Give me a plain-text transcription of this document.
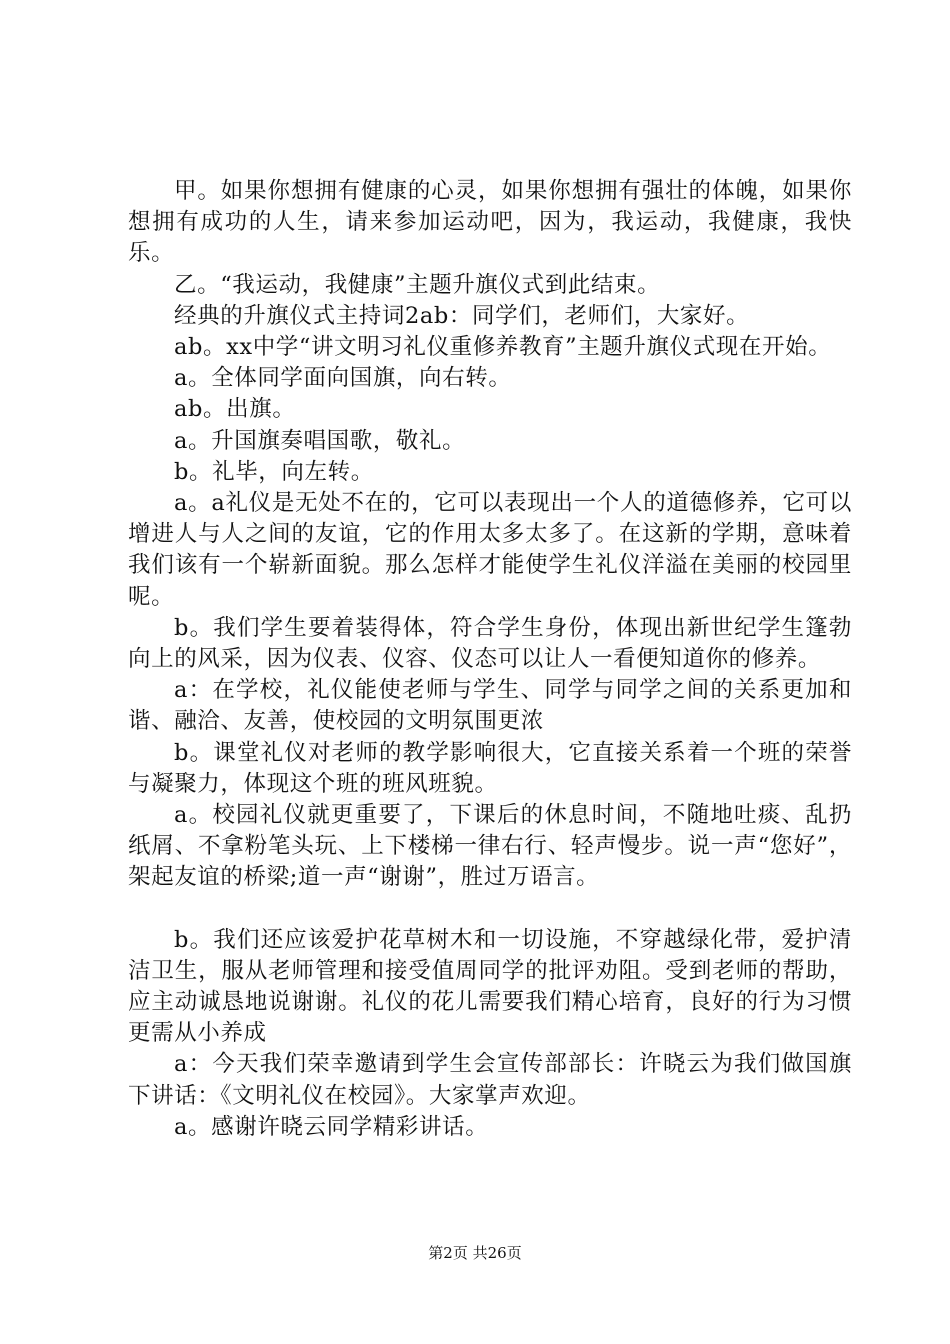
甲。如果你想拥有健康的心灵，如果你想拥有强壮的体魄，如果你想拥有成功的人生，请来参加运动吧，因为，我运动，我健康，我快乐。

乙。“我运动，我健康”主题升旗仪式到此结束。

经典的升旗仪式主持词2ab：同学们，老师们，大家好。

ab。xx中学“讲文明习礼仪重修养教育”主题升旗仪式现在开始。

a。全体同学面向国旗，向右转。

ab。出旗。

a。升国旗奏唱国歌，敬礼。

b。礼毕，向左转。

a。a礼仪是无处不在的，它可以表现出一个人的道德修养，它可以增进人与人之间的友谊，它的作用太多太多了。在这新的学期，意味着我们该有一个崭新面貌。那么怎样才能使学生礼仪洋溢在美丽的校园里呢。

b。我们学生要着装得体，符合学生身份，体现出新世纪学生篷勃向上的风采，因为仪表、仪容、仪态可以让人一看便知道你的修养。

a：在学校，礼仪能使老师与学生、同学与同学之间的关系更加和谐、融洽、友善，使校园的文明氛围更浓

b。课堂礼仪对老师的教学影响很大，它直接关系着一个班的荣誉与凝聚力，体现这个班的班风班貌。

a。校园礼仪就更重要了，下课后的休息时间，不随地吐痰、乱扔纸屑、不拿粉笔头玩、上下楼梯一律右行、轻声慢步。说一声“您好”，架起友谊的桥梁;道一声“谢谢”，胜过万语言。

b。我们还应该爱护花草树木和一切设施，不穿越绿化带，爱护清洁卫生，服从老师管理和接受值周同学的批评劝阻。受到老师的帮助，应主动诚恳地说谢谢。礼仪的花儿需要我们精心培育，良好的行为习惯更需从小养成

a：今天我们荣幸邀请到学生会宣传部部长：许晓云为我们做国旗下讲话：《文明礼仪在校园》。大家掌声欢迎。

a。感谢许晓云同学精彩讲话。

第2页 共26页
